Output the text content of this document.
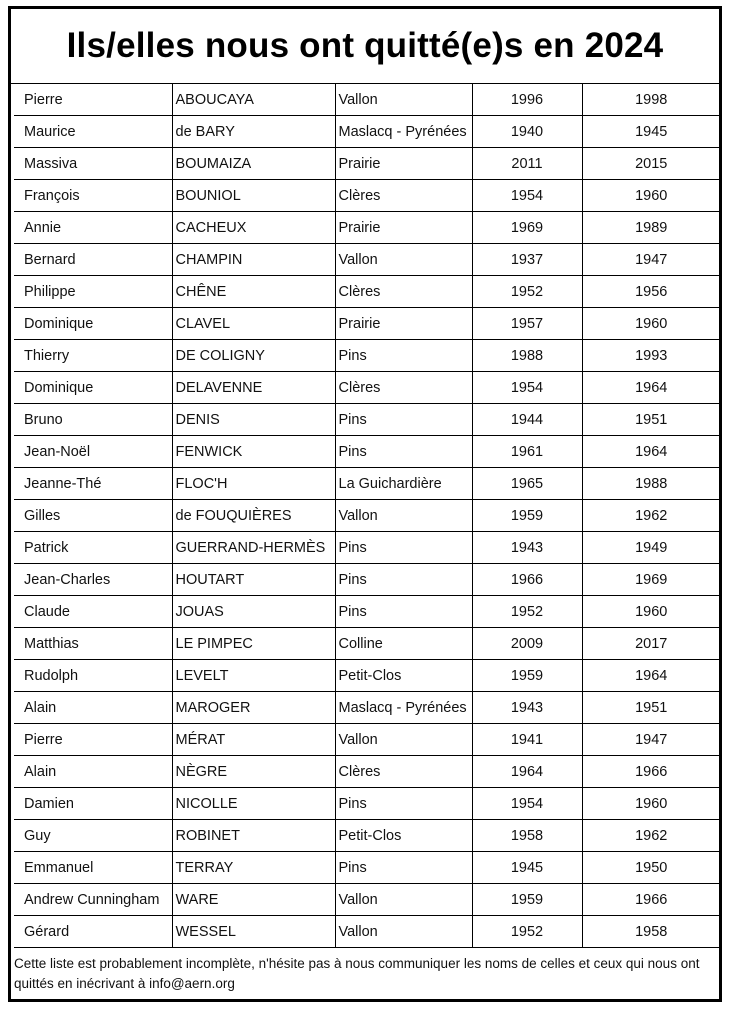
Ils/elles nous ont quitté(e)s en 2024
Pierre	ABOUCAYA	Vallon	1996	1998
Maurice	de BARY	Maslacq - Pyrénées	1940	1945
Massiva	BOUMAIZA	Prairie	2011	2015
François	BOUNIOL	Clères	1954	1960
Annie	CACHEUX	Prairie	1969	1989
Bernard	CHAMPIN	Vallon	1937	1947
Philippe	CHÊNE	Clères	1952	1956
Dominique	CLAVEL	Prairie	1957	1960
Thierry	DE COLIGNY	Pins	1988	1993
Dominique	DELAVENNE	Clères	1954	1964
Bruno	DENIS	Pins	1944	1951
Jean-Noël	FENWICK	Pins	1961	1964
Jeanne-Thé	FLOC'H	La Guichardière	1965	1988
Gilles	de FOUQUIÈRES	Vallon	1959	1962
Patrick	GUERRAND-HERMÈS	Pins	1943	1949
Jean-Charles	HOUTART	Pins	1966	1969
Claude	JOUAS	Pins	1952	1960
Matthias	LE PIMPEC	Colline	2009	2017
Rudolph	LEVELT	Petit-Clos	1959	1964
Alain	MAROGER	Maslacq - Pyrénées	1943	1951
Pierre	MÉRAT	Vallon	1941	1947
Alain	NÈGRE	Clères	1964	1966
Damien	NICOLLE	Pins	1954	1960
Guy	ROBINET	Petit-Clos	1958	1962
Emmanuel	TERRAY	Pins	1945	1950
Andrew Cunningham	WARE	Vallon	1959	1966
Gérard	WESSEL	Vallon	1952	1958
Cette liste est probablement incomplète, n'hésite pas à nous communiquer les noms de celles et ceux qui nous ont quittés en inécrivant à info@aern.org
